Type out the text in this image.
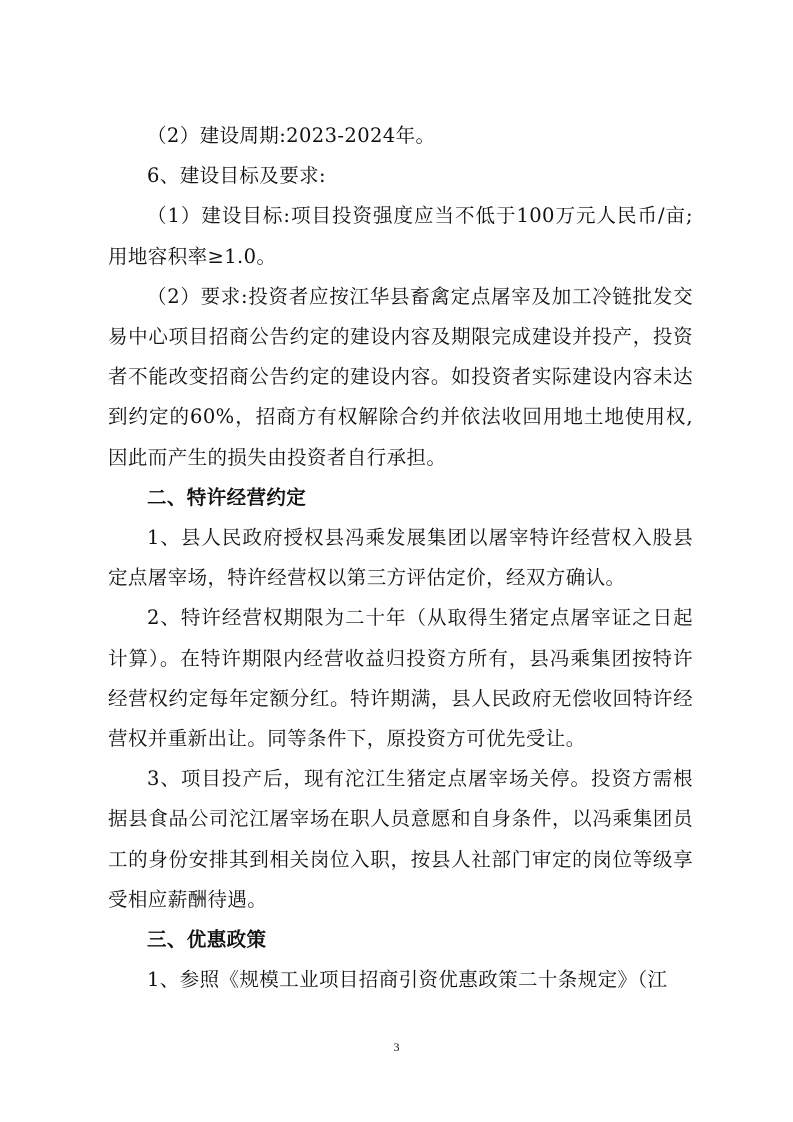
（2）建设周期:2023-2024年。

6、建设目标及要求:

（1）建设目标:项目投资强度应当不低于100万元人民币/亩;用地容积率≥1.0。

（2）要求:投资者应按江华县畜禽定点屠宰及加工冷链批发交易中心项目招商公告约定的建设内容及期限完成建设并投产，投资者不能改变招商公告约定的建设内容。如投资者实际建设内容未达到约定的60%，招商方有权解除合约并依法收回用地土地使用权,因此而产生的损失由投资者自行承担。

二、特许经营约定

1、县人民政府授权县冯乘发展集团以屠宰特许经营权入股县定点屠宰场，特许经营权以第三方评估定价，经双方确认。

2、特许经营权期限为二十年（从取得生猪定点屠宰证之日起计算）。在特许期限内经营收益归投资方所有，县冯乘集团按特许经营权约定每年定额分红。特许期满，县人民政府无偿收回特许经营权并重新出让。同等条件下，原投资方可优先受让。

3、项目投产后，现有沱江生猪定点屠宰场关停。投资方需根据县食品公司沱江屠宰场在职人员意愿和自身条件，以冯乘集团员工的身份安排其到相关岗位入职，按县人社部门审定的岗位等级享受相应薪酬待遇。

三、优惠政策

1、参照《规模工业项目招商引资优惠政策二十条规定》（江

3
